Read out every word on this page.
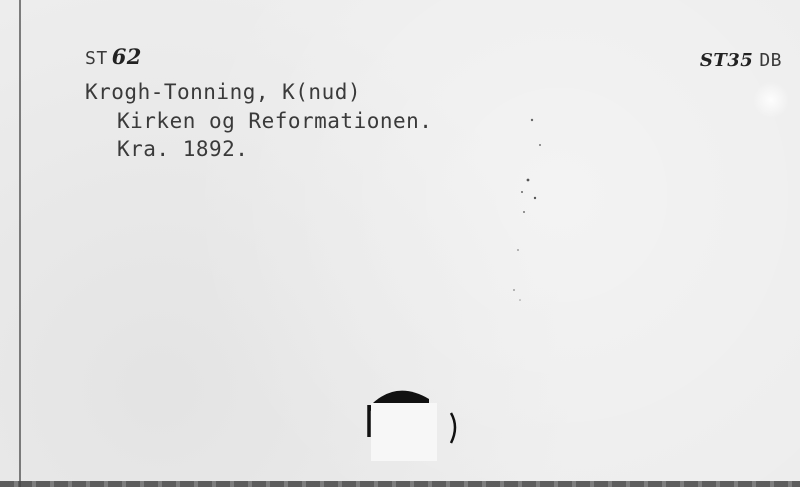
ST 62	ST35 DB
Krogh-Tonning, K(nud)
Kirken og Reformationen.
Kra. 1892.
